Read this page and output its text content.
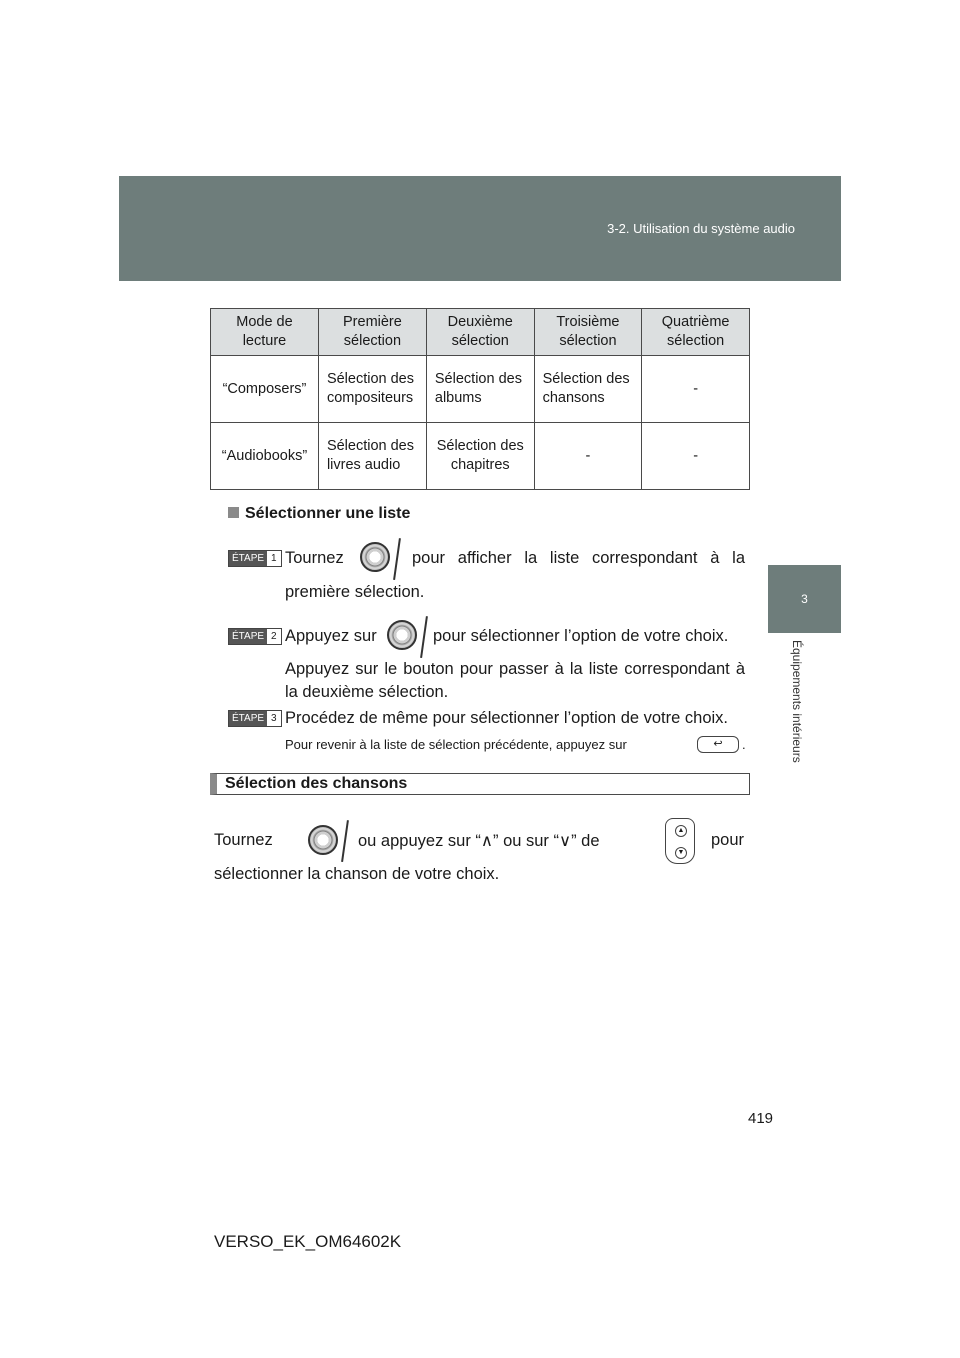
3-2. Utilisation du système audio
3
Équipements intérieurs
Mode de lecture	Première sélection	Deuxième sélection	Troisième sélection	Quatrième sélection
“Composers”	Sélection des compositeurs	Sélection des albums	Sélection des chansons	-
“Audiobooks”	Sélection des livres audio	Sélection des chapitres	-	-
Sélectionner une liste
ÉTAPE 1 Tournez	pour afficher la liste correspondant à la
première sélection.
ÉTAPE 2 Appuyez sur	pour sélectionner l’option de votre choix.
Appuyez sur le bouton pour passer à la liste correspondant à
la deuxième sélection.
ÉTAPE 3 Procédez de même pour sélectionner l’option de votre choix.
Pour revenir à la liste de sélection précédente, appuyez sur	↩	.
Sélection des chansons
Tournez	ou appuyez sur “∧” ou sur “∨” de
▲
▼
pour
sélectionner la chanson de votre choix.
419
VERSO_EK_OM64602K
